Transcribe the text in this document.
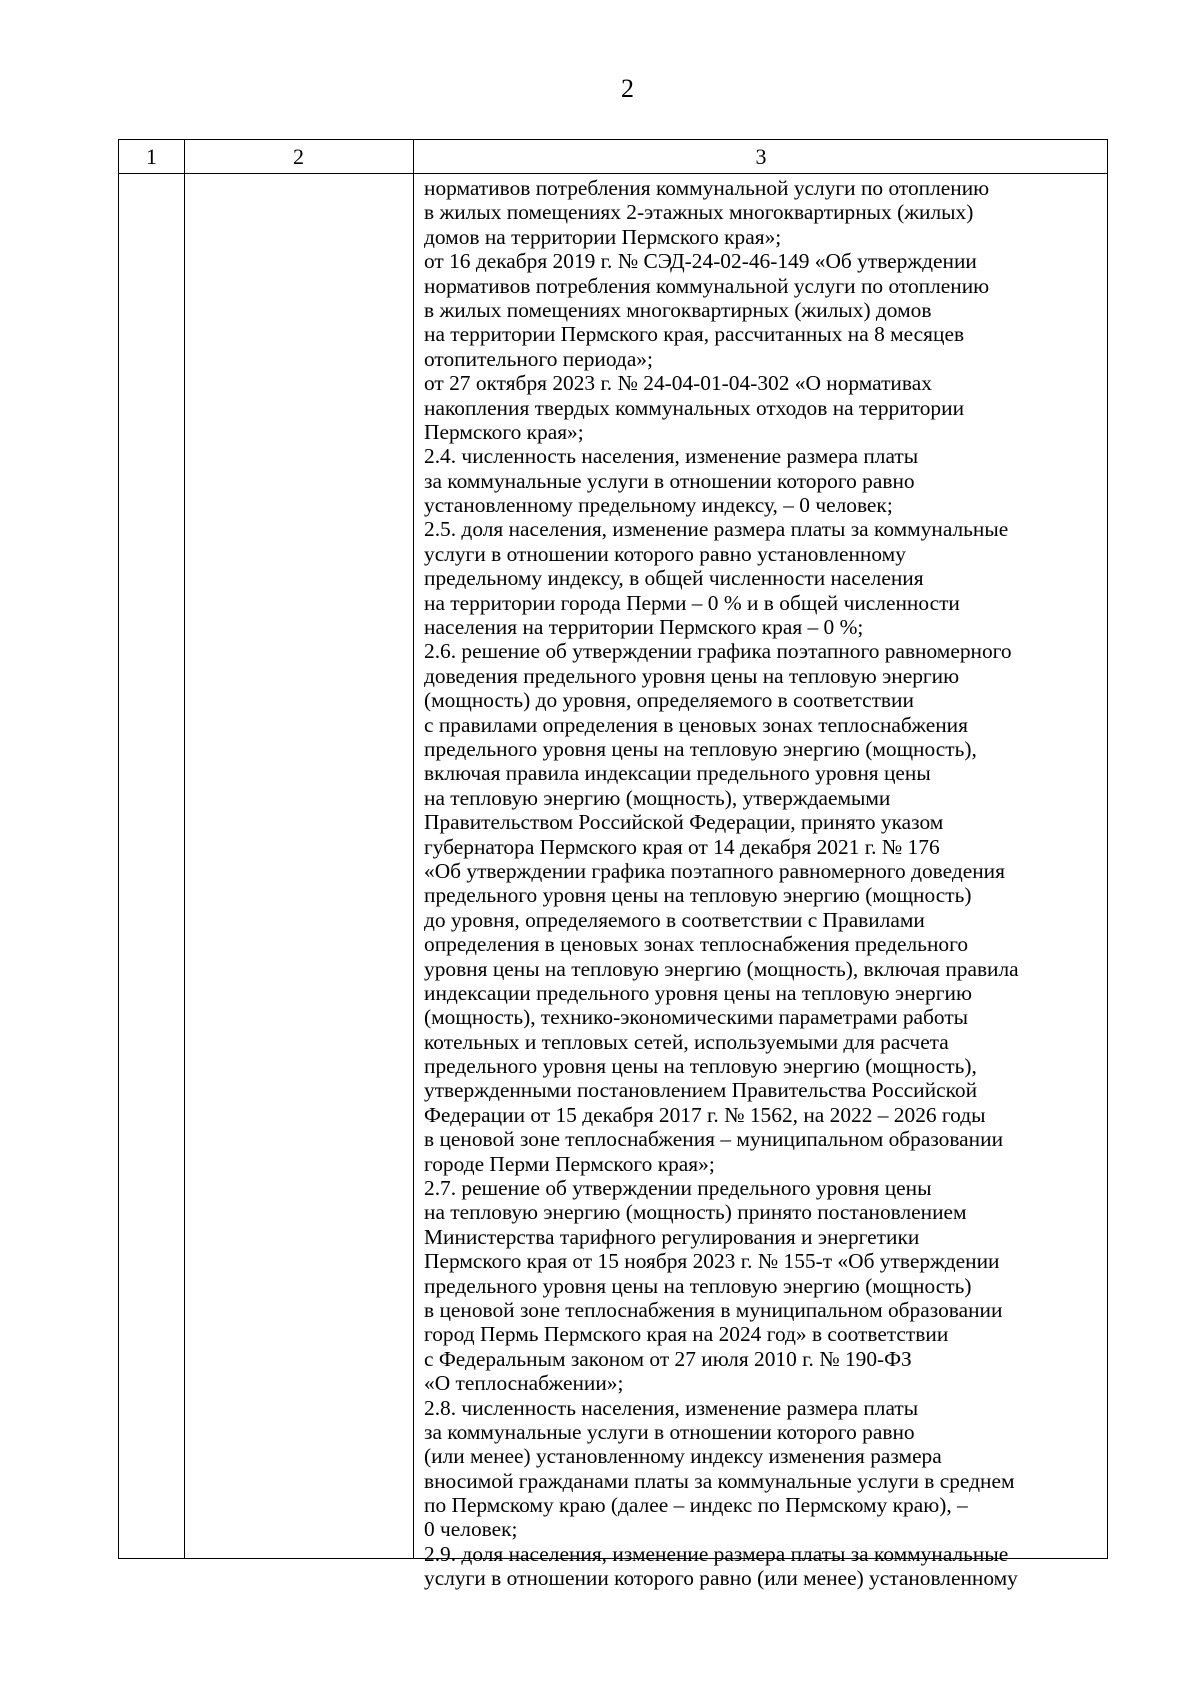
2
1	2	3
нормативов потребления коммунальной услуги по отоплению
в жилых помещениях 2-этажных многоквартирных (жилых)
домов на территории Пермского края»;
от 16 декабря 2019 г. № СЭД-24-02-46-149 «Об утверждении
нормативов потребления коммунальной услуги по отоплению
в жилых помещениях многоквартирных (жилых) домов
на территории Пермского края, рассчитанных на 8 месяцев
отопительного периода»;
от 27 октября 2023 г. № 24-04-01-04-302 «О нормативах
накопления твердых коммунальных отходов на территории
Пермского края»;
2.4. численность населения, изменение размера платы
за коммунальные услуги в отношении которого равно
установленному предельному индексу, – 0 человек;
2.5. доля населения, изменение размера платы за коммунальные
услуги в отношении которого равно установленному
предельному индексу, в общей численности населения
на территории города Перми – 0 % и в общей численности
населения на территории Пермского края – 0 %;
2.6. решение об утверждении графика поэтапного равномерного
доведения предельного уровня цены на тепловую энергию
(мощность) до уровня, определяемого в соответствии
с правилами определения в ценовых зонах теплоснабжения
предельного уровня цены на тепловую энергию (мощность),
включая правила индексации предельного уровня цены
на тепловую энергию (мощность), утверждаемыми
Правительством Российской Федерации, принято указом
губернатора Пермского края от 14 декабря 2021 г. № 176
«Об утверждении графика поэтапного равномерного доведения
предельного уровня цены на тепловую энергию (мощность)
до уровня, определяемого в соответствии с Правилами
определения в ценовых зонах теплоснабжения предельного
уровня цены на тепловую энергию (мощность), включая правила
индексации предельного уровня цены на тепловую энергию
(мощность), технико-экономическими параметрами работы
котельных и тепловых сетей, используемыми для расчета
предельного уровня цены на тепловую энергию (мощность),
утвержденными постановлением Правительства Российской
Федерации от 15 декабря 2017 г. № 1562, на 2022 – 2026 годы
в ценовой зоне теплоснабжения – муниципальном образовании
городе Перми Пермского края»;
2.7. решение об утверждении предельного уровня цены
на тепловую энергию (мощность) принято постановлением
Министерства тарифного регулирования и энергетики
Пермского края от 15 ноября 2023 г. № 155-т «Об утверждении
предельного уровня цены на тепловую энергию (мощность)
в ценовой зоне теплоснабжения в муниципальном образовании
город Пермь Пермского края на 2024 год» в соответствии
с Федеральным законом от 27 июля 2010 г. № 190-ФЗ
«О теплоснабжении»;
2.8. численность населения, изменение размера платы
за коммунальные услуги в отношении которого равно
(или менее) установленному индексу изменения размера
вносимой гражданами платы за коммунальные услуги в среднем
по Пермскому краю (далее – индекс по Пермскому краю), –
0 человек;
2.9. доля населения, изменение размера платы за коммунальные
услуги в отношении которого равно (или менее) установленному
